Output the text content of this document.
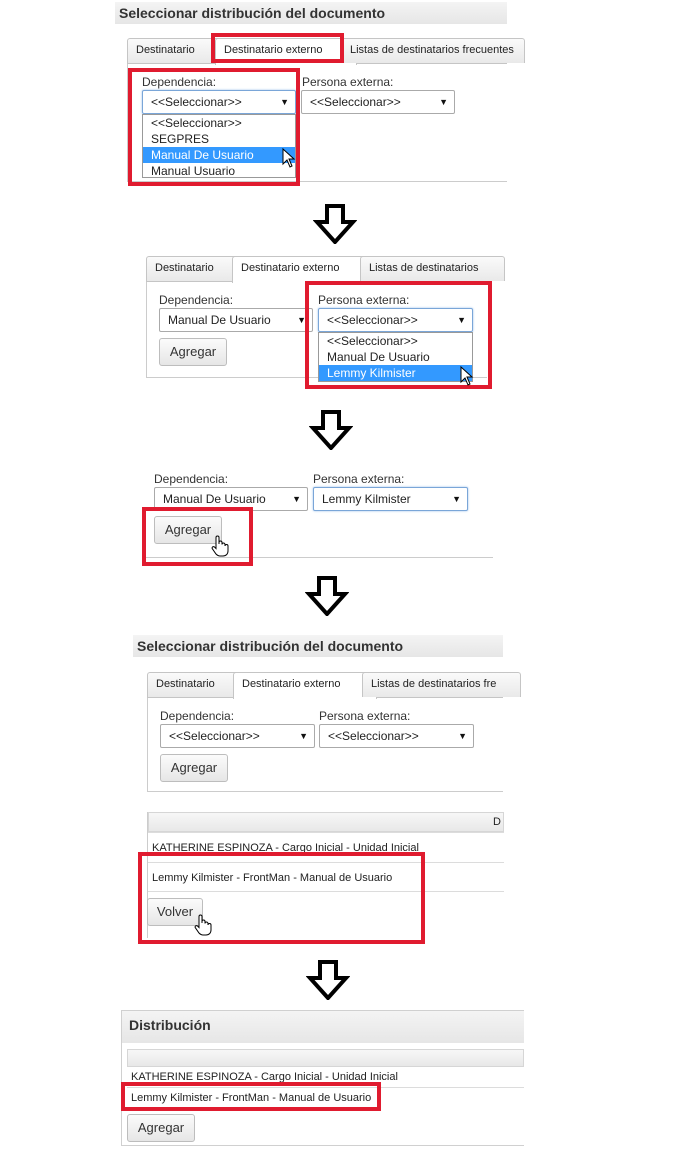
Seleccionar distribución del documento
Destinatario	Destinatario externo	Listas de destinatarios frecuentes
Dependencia:
<<Seleccionar>>	▼
<<Seleccionar>>
SEGPRES
Manual De Usuario
Manual Usuario
Persona externa:
<<Seleccionar>>	▼
Destinatario	Destinatario externo	Listas de destinatarios
Dependencia:
Manual De Usuario	▼
Agregar
Persona externa:
<<Seleccionar>>	▼
<<Seleccionar>>
Manual De Usuario
Lemmy Kilmister
Dependencia:
Manual De Usuario	▼
Persona externa:
Lemmy Kilmister	▼
Agregar
Seleccionar distribución del documento
Destinatario	Destinatario externo	Listas de destinatarios fre
Dependencia:
<<Seleccionar>>	▼
Persona externa:
<<Seleccionar>>	▼
Agregar
D
KATHERINE ESPINOZA - Cargo Inicial - Unidad Inicial
Lemmy Kilmister - FrontMan - Manual de Usuario
Volver
Distribución
KATHERINE ESPINOZA - Cargo Inicial - Unidad Inicial
Lemmy Kilmister - FrontMan - Manual de Usuario
Agregar
